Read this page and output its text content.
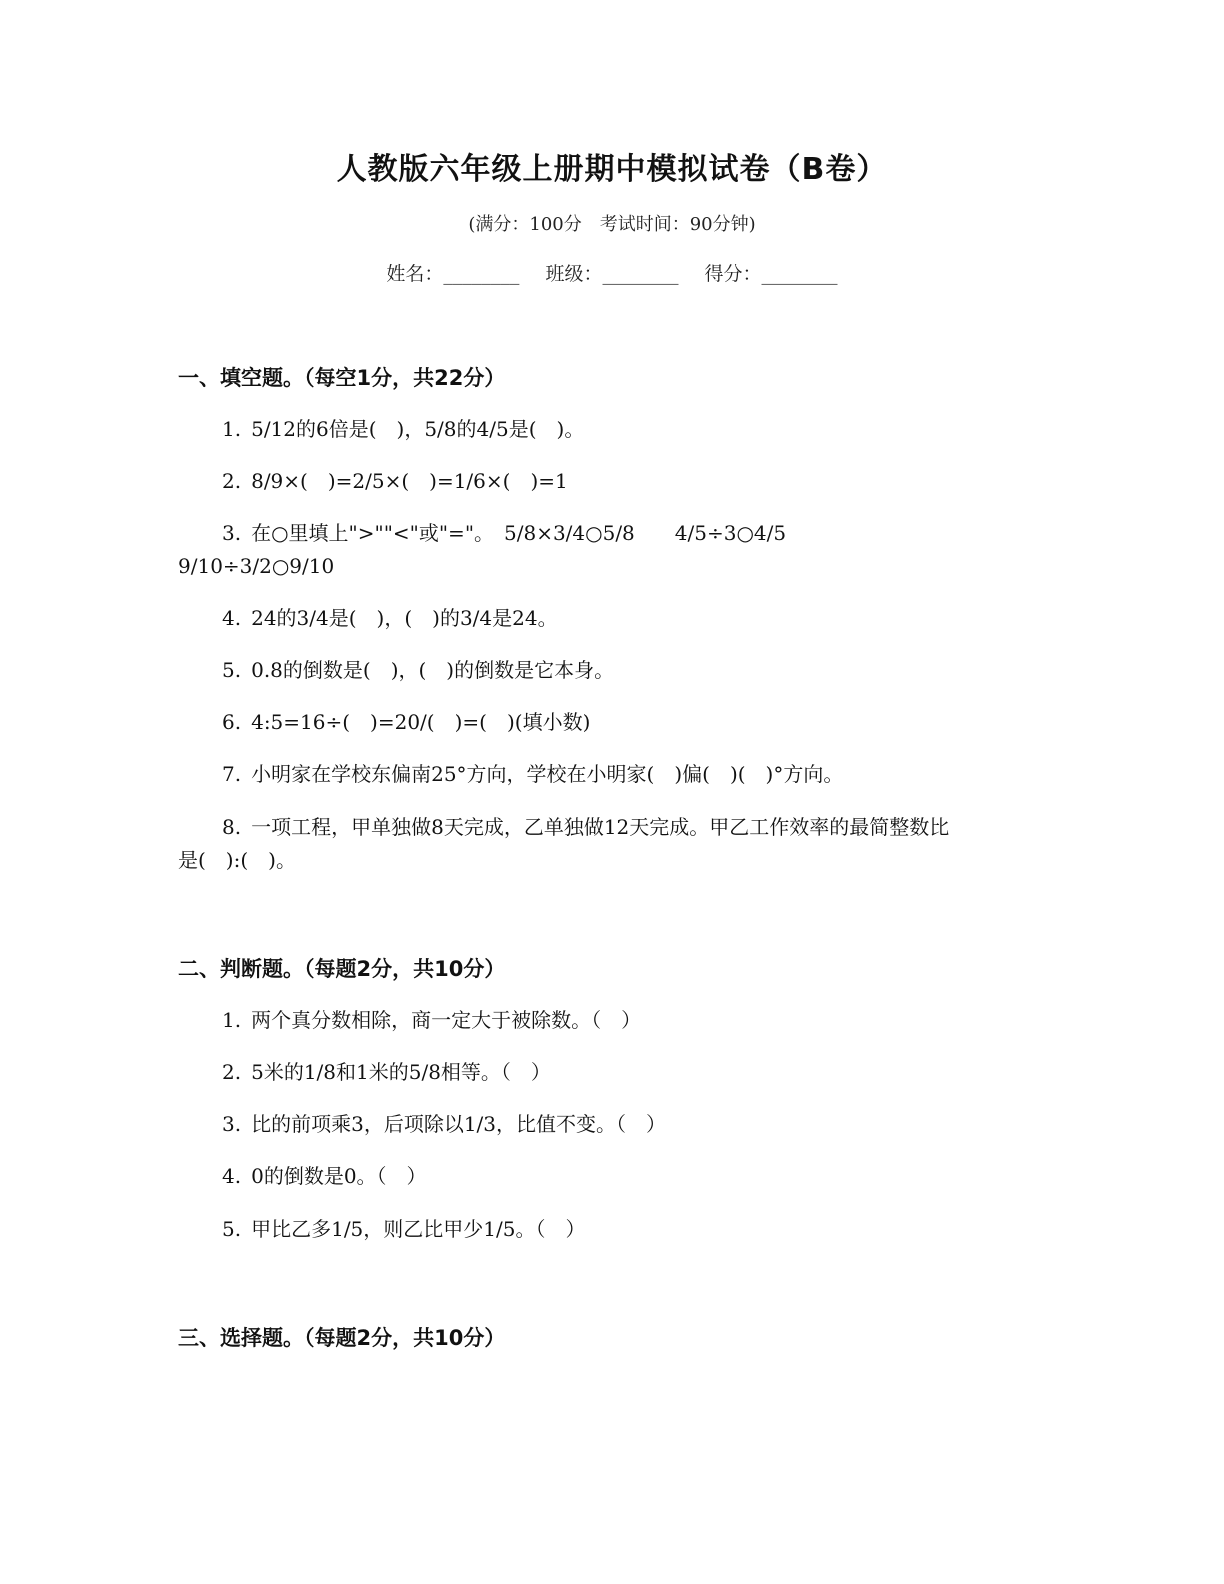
人教版六年级上册期中模拟试卷（B卷）
(满分：100分　考试时间：90分钟)
姓名：________ 班级：________ 得分：________
一、填空题。（每空1分，共22分）
1. 5/12的6倍是(　)，5/8的4/5是(　)。
2. 8/9×(　)=2/5×(　)=1/6×(　)=1
3. 在○里填上">""<"或"="。　5/8×3/4○5/8　　4/5÷3○4/5
9/10÷3/2○9/10
4. 24的3/4是(　)，(　)的3/4是24。
5. 0.8的倒数是(　)，(　)的倒数是它本身。
6. 4:5=16÷(　)=20/(　)=(　)(填小数)
7. 小明家在学校东偏南25°方向，学校在小明家(　)偏(　)(　)°方向。
8. 一项工程，甲单独做8天完成，乙单独做12天完成。甲乙工作效率的最简整数比
是(　):(　)。
二、判断题。（每题2分，共10分）
1. 两个真分数相除，商一定大于被除数。（　）
2. 5米的1/8和1米的5/8相等。（　）
3. 比的前项乘3，后项除以1/3，比值不变。（　）
4. 0的倒数是0。（　）
5. 甲比乙多1/5，则乙比甲少1/5。（　）
三、选择题。（每题2分，共10分）
